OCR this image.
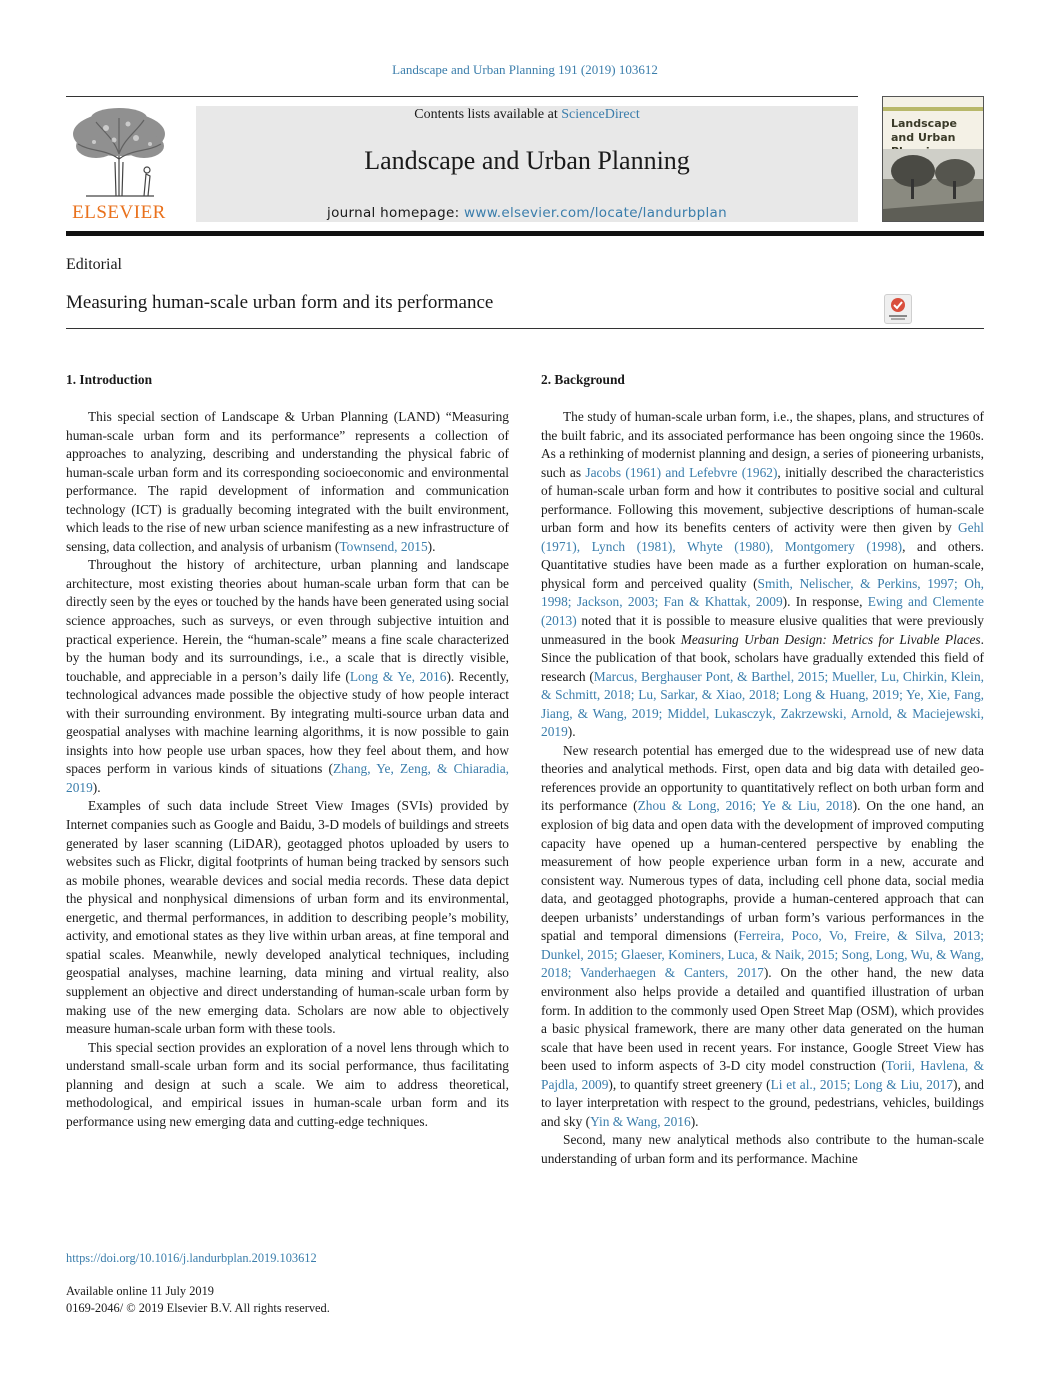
Landscape and Urban Planning 191 (2019) 103612
ELSEVIER
Contents lists available at ScienceDirect
Landscape and Urban Planning
journal homepage: www.elsevier.com/locate/landurbplan
Landscape and Urban
Editorial
Measuring human-scale urban form and its performance
1. Introduction

This special section of Landscape & Urban Planning (LAND) “Measuring human-scale urban form and its performance” represents a collection of approaches to analyzing, describing and understanding the physical fabric of human-scale urban form and its corresponding socioeconomic and environmental performance. The rapid development of information and communication technology (ICT) is gradually becoming integrated with the built environment, which leads to the rise of new urban science manifesting as a new infrastructure of sensing, data collection, and analysis of urbanism (Townsend, 2015).

Throughout the history of architecture, urban planning and landscape architecture, most existing theories about human-scale urban form that can be directly seen by the eyes or touched by the hands have been generated using social science approaches, such as surveys, or even through subjective intuition and practical experience. Herein, the “human-scale” means a fine scale characterized by the human body and its surroundings, i.e., a scale that is directly visible, touchable, and appreciable in a person’s daily life (Long & Ye, 2016). Recently, technological advances made possible the objective study of how people interact with their surrounding environment. By integrating multi-source urban data and geospatial analyses with machine learning algorithms, it is now possible to gain insights into how people use urban spaces, how they feel about them, and how spaces perform in various kinds of situations (Zhang, Ye, Zeng, & Chiaradia, 2019).

Examples of such data include Street View Images (SVIs) provided by Internet companies such as Google and Baidu, 3-D models of buildings and streets generated by laser scanning (LiDAR), geotagged photos uploaded by users to websites such as Flickr, digital footprints of human being tracked by sensors such as mobile phones, wearable devices and social media records. These data depict the physical and nonphysical dimensions of urban form and its environmental, energetic, and thermal performances, in addition to describing people’s mobility, activity, and emotional states as they live within urban areas, at fine temporal and spatial scales. Meanwhile, newly developed analytical techniques, including geospatial analyses, machine learning, data mining and virtual reality, also supplement an objective and direct understanding of human-scale urban form by making use of the new emerging data. Scholars are now able to objectively measure human-scale urban form with these tools.

This special section provides an exploration of a novel lens through which to understand small-scale urban form and its social performance, thus facilitating planning and design at such a scale. We aim to address theoretical, methodological, and empirical issues in human-scale urban form and its performance using new emerging data and cutting-edge techniques.

2. Background

The study of human-scale urban form, i.e., the shapes, plans, and structures of the built fabric, and its associated performance has been ongoing since the 1960s. As a rethinking of modernist planning and design, a series of pioneering urbanists, such as Jacobs (1961) and Lefebvre (1962), initially described the characteristics of human-scale urban form and how it contributes to positive social and cultural performance. Following this movement, subjective descriptions of human-scale urban form and how its benefits centers of activity were then given by Gehl (1971), Lynch (1981), Whyte (1980), Montgomery (1998), and others. Quantitative studies have been made as a further exploration on human-scale, physical form and perceived quality (Smith, Nelischer, & Perkins, 1997; Oh, 1998; Jackson, 2003; Fan & Khattak, 2009). In response, Ewing and Clemente (2013) noted that it is possible to measure elusive qualities that were previously unmeasured in the book Measuring Urban Design: Metrics for Livable Places. Since the publication of that book, scholars have gradually extended this field of research (Marcus, Berghauser Pont, & Barthel, 2015; Mueller, Lu, Chirkin, Klein, & Schmitt, 2018; Lu, Sarkar, & Xiao, 2018; Long & Huang, 2019; Ye, Xie, Fang, Jiang, & Wang, 2019; Middel, Lukasczyk, Zakrzewski, Arnold, & Maciejewski, 2019).

New research potential has emerged due to the widespread use of new data theories and analytical methods. First, open data and big data with detailed geo-references provide an opportunity to quantitatively reflect on both urban form and its performance (Zhou & Long, 2016; Ye & Liu, 2018). On the one hand, an explosion of big data and open data with the development of improved computing capacity have opened up a human-centered perspective by enabling the measurement of how people experience urban form in a new, accurate and consistent way. Numerous types of data, including cell phone data, social media data, and geotagged photographs, provide a human-centered approach that can deepen urbanists’ understandings of urban form’s various performances in the spatial and temporal dimensions (Ferreira, Poco, Vo, Freire, & Silva, 2013; Dunkel, 2015; Glaeser, Kominers, Luca, & Naik, 2015; Song, Long, Wu, & Wang, 2018; Vanderhaegen & Canters, 2017). On the other hand, the new data environment also helps provide a detailed and quantified illustration of urban form. In addition to the commonly used Open Street Map (OSM), which provides a basic physical framework, there are many other data generated on the human scale that have been used in recent years. For instance, Google Street View has been used to inform aspects of 3-D city model construction (Torii, Havlena, & Pajdla, 2009), to quantify street greenery (Li et al., 2015; Long & Liu, 2017), and to layer interpretation with respect to the ground, pedestrians, vehicles, buildings and sky (Yin & Wang, 2016).

Second, many new analytical methods also contribute to the human-scale understanding of urban form and its performance. Machine

https://doi.org/10.1016/j.landurbplan.2019.103612
Available online 11 July 2019
0169-2046/ © 2019 Elsevier B.V. All rights reserved.
